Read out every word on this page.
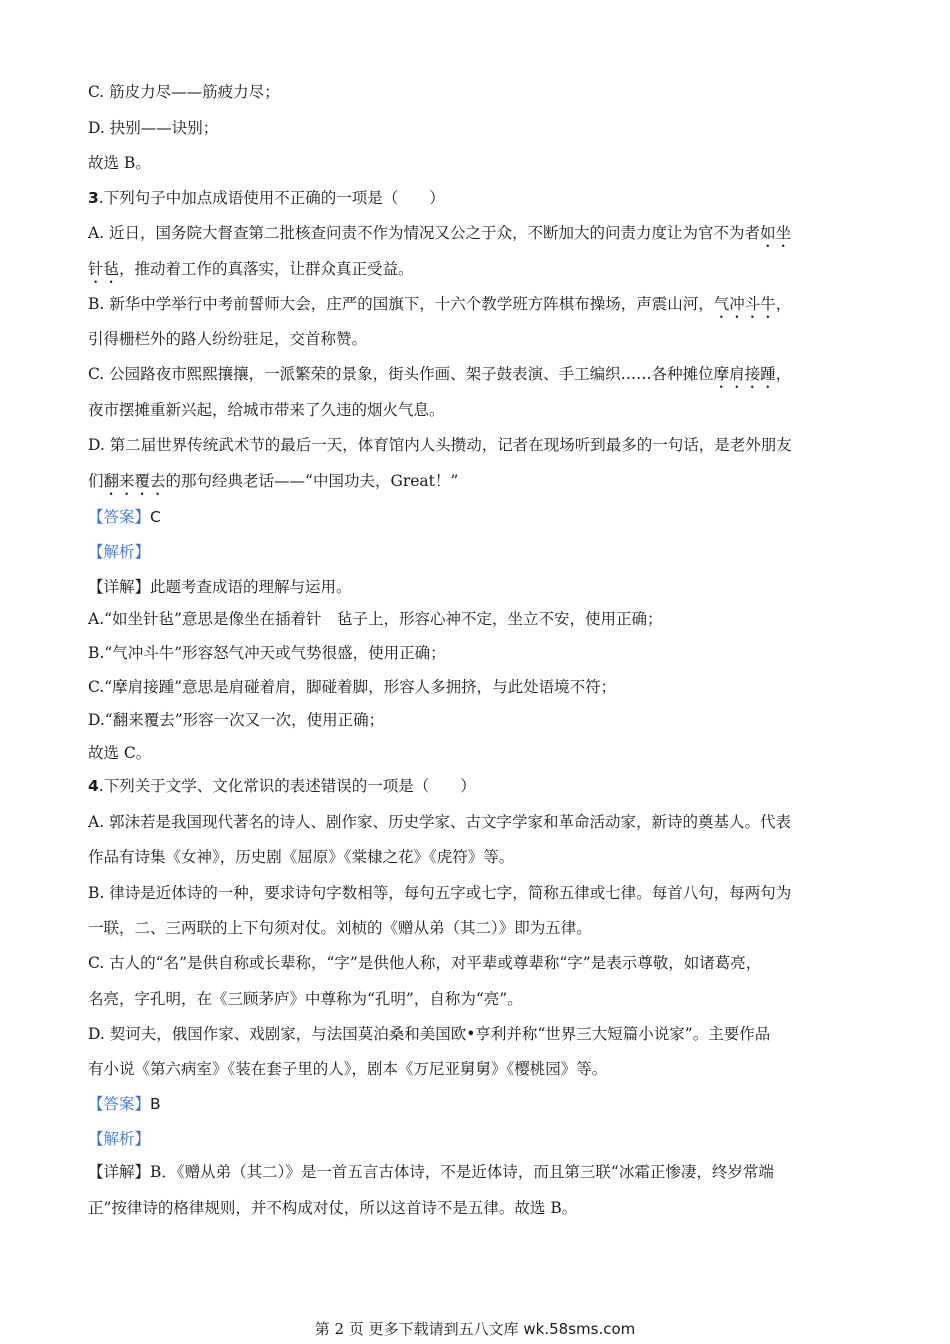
C. 筋皮力尽——筋疲力尽；
D. 抉别——诀别；
故选 B。
3.下列句子中加点成语使用不正确的一项是（　　）
A. 近日，国务院大督查第二批核查问责不作为情况又公之于众，不断加大的问责力度让为官不为者如坐
针毡，推动着工作的真落实，让群众真正受益。
B. 新华中学举行中考前誓师大会，庄严的国旗下，十六个教学班方阵棋布操场，声震山河，气冲斗牛，
引得栅栏外的路人纷纷驻足，交首称赞。
C. 公园路夜市熙熙攘攘，一派繁荣的景象，街头作画、架子鼓表演、手工编织……各种摊位摩肩接踵，
夜市摆摊重新兴起，给城市带来了久违的烟火气息。
D. 第二届世界传统武术节的最后一天，体育馆内人头攒动，记者在现场听到最多的一句话，是老外朋友
们翻来覆去的那句经典老话——“中国功夫，Great！”
【答案】C
【解析】
【详解】此题考查成语的理解与运用。
A.“如坐针毡”意思是像坐在插着针　毡子上，形容心神不定，坐立不安，使用正确；
B.“气冲斗牛”形容怒气冲天或气势很盛，使用正确；
C.“摩肩接踵”意思是肩碰着肩，脚碰着脚，形容人多拥挤，与此处语境不符；
D.“翻来覆去”形容一次又一次，使用正确；
故选 C。
4.下列关于文学、文化常识的表述错误的一项是（　　）
A. 郭沫若是我国现代著名的诗人、剧作家、历史学家、古文字学家和革命活动家，新诗的奠基人。代表
作品有诗集《女神》，历史剧《屈原》《棠棣之花》《虎符》等。
B. 律诗是近体诗的一种，要求诗句字数相等，每句五字或七字，简称五律或七律。每首八句，每两句为
一联，二、三两联的上下句须对仗。刘桢的《赠从弟（其二）》即为五律。
C. 古人的“名”是供自称或长辈称，“字”是供他人称，对平辈或尊辈称“字”是表示尊敬，如诸葛亮，
名亮，字孔明，在《三顾茅庐》中尊称为“孔明”，自称为“亮”。
D. 契诃夫，俄国作家、戏剧家，与法国莫泊桑和美国欧•亨利并称“世界三大短篇小说家”。主要作品
有小说《第六病室》《装在套子里的人》，剧本《万尼亚舅舅》《樱桃园》等。
【答案】B
【解析】
【详解】B．《赠从弟（其二）》是一首五言古体诗，不是近体诗，而且第三联“冰霜正惨凄，终岁常端
正”按律诗的格律规则，并不构成对仗，所以这首诗不是五律。故选 B。
第 2 页 更多下载请到五八文库 wk.58sms.com
